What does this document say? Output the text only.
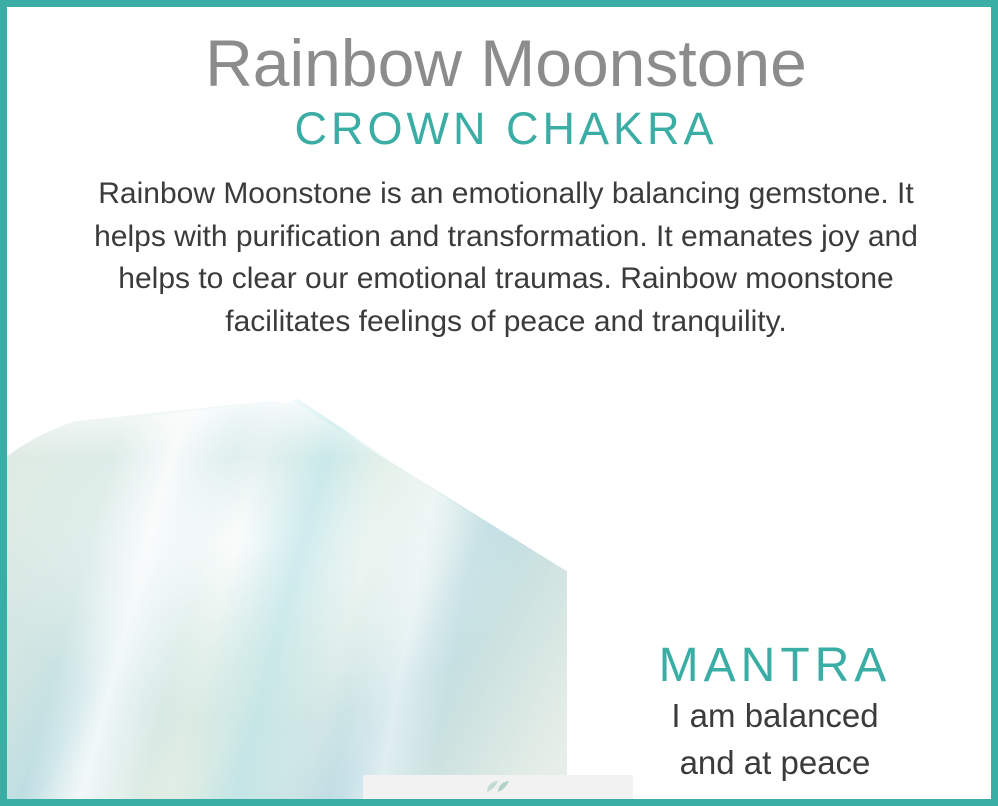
Rainbow Moonstone
CROWN CHAKRA

Rainbow Moonstone is an emotionally balancing gemstone. It helps with purification and transformation. It emanates joy and helps to clear our emotional traumas. Rainbow moonstone facilitates feelings of peace and tranquility.

MANTRA
I am balanced
and at peace
